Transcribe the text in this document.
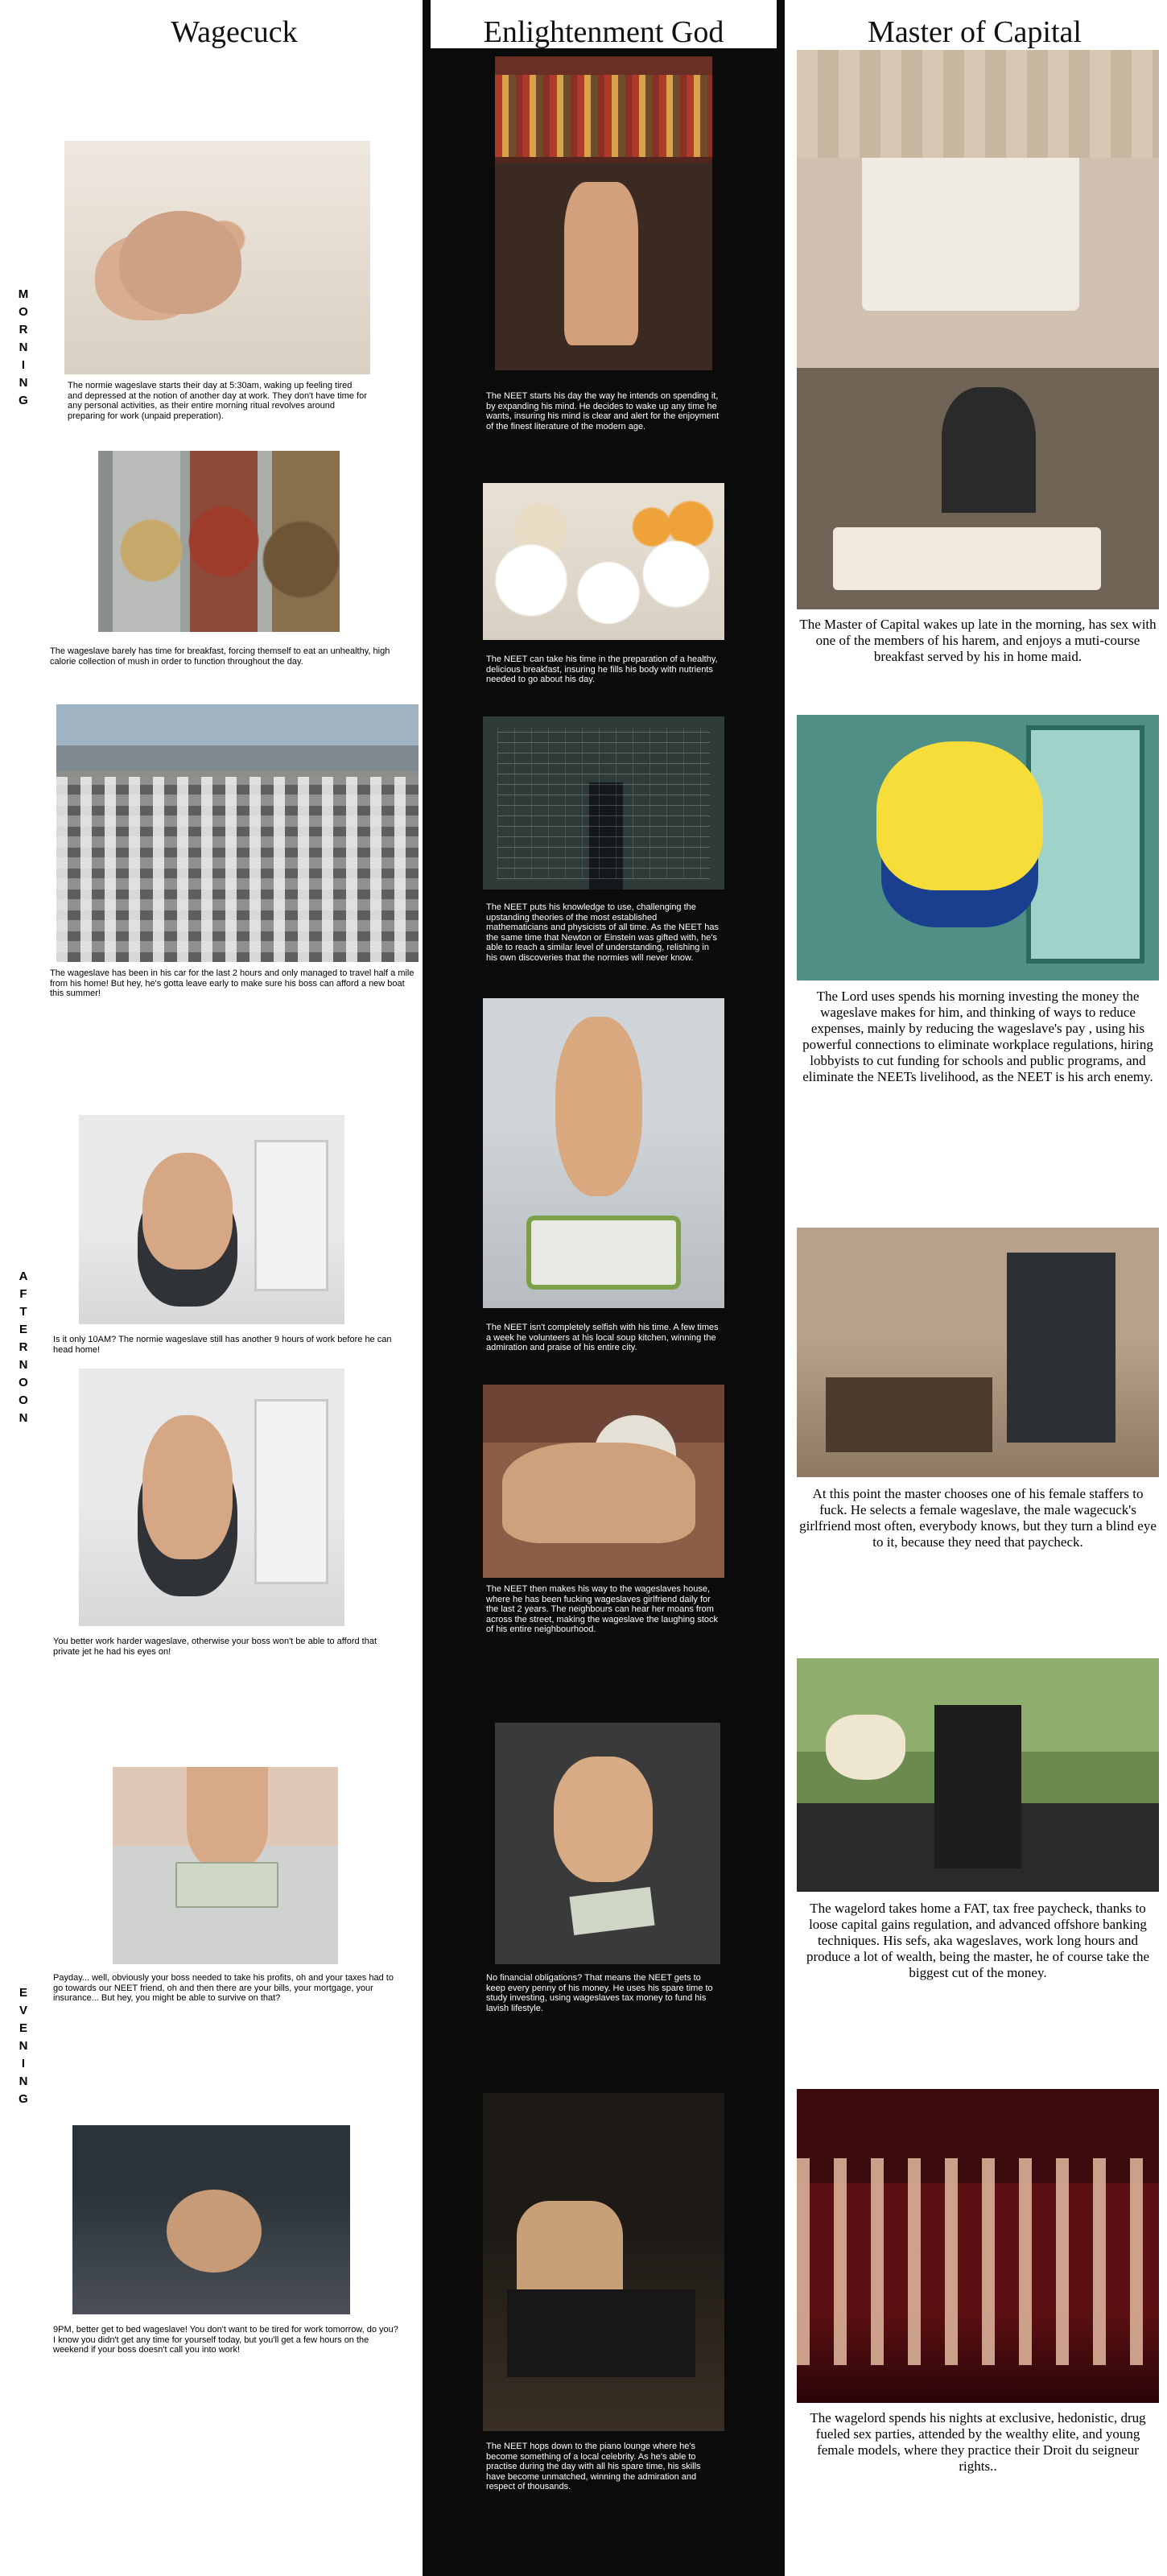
M
O
R
N
I
N
G
A
F
T
E
R
N
O
O
N
E
V
E
N
I
N
G
Wagecuck	Enlightenment God	Master of Capital
The normie wageslave starts their day at 5:30am, waking up feeling tired and depressed at the notion of another day at work. They don't have time for any personal activities, as their entire morning ritual revolves around preparing for work (unpaid preperation).
The wageslave barely has time for breakfast, forcing themself to eat an unhealthy, high calorie collection of mush in order to function throughout the day.
The wageslave has been in his car for the last 2 hours and only managed to travel half a mile from his home! But hey, he's gotta leave early to make sure his boss can afford a new boat this summer!
Is it only 10AM? The normie wageslave still has another 9 hours of work before he can head home!
You better work harder wageslave, otherwise your boss won't be able to afford that private jet he had his eyes on!
Payday... well, obviously your boss needed to take his profits, oh and your taxes had to go towards our NEET friend, oh and then there are your bills, your mortgage, your insurance... But hey, you might be able to survive on that?
9PM, better get to bed wageslave! You don't want to be tired for work tomorrow, do you? I know you didn't get any time for yourself today, but you'll get a few hours on the weekend if your boss doesn't call you into work!
The NEET starts his day the way he intends on spending it, by expanding his mind. He decides to wake up any time he wants, insuring his mind is clear and alert for the enjoyment of the finest literature of the modern age.
The NEET can take his time in the preparation of a healthy, delicious breakfast, insuring he fills his body with nutrients needed to go about his day.
The NEET puts his knowledge to use, challenging the upstanding theories of the most established mathematicians and physicists of all time. As the NEET has the same time that Newton or Einstein was gifted with, he's able to reach a similar level of understanding, relishing in his own discoveries that the normies will never know.
The NEET isn't completely selfish with his time. A few times a week he volunteers at his local soup kitchen, winning the admiration and praise of his entire city.
The NEET then makes his way to the wageslaves house, where he has been fucking wageslaves girlfriend daily for the last 2 years. The neighbours can hear her moans from across the street, making the wageslave the laughing stock of his entire neighbourhood.
No financial obligations? That means the NEET gets to keep every penny of his money. He uses his spare time to study investing, using wageslaves tax money to fund his lavish lifestyle.
The NEET hops down to the piano lounge where he's become something of a local celebrity. As he's able to practise during the day with all his spare time, his skills have become unmatched, winning the admiration and respect of thousands.
The Master of Capital wakes up late in the morning, has sex with one of the members of his harem, and enjoys a muti-course breakfast served by his in home maid.
The Lord uses spends his morning investing the money the wageslave makes for him, and thinking of ways to reduce expenses, mainly by reducing the wageslave's pay , using his powerful connections to eliminate workplace regulations, hiring lobbyists to cut funding for schools and public programs, and eliminate the NEETs livelihood, as the NEET is his arch enemy.
At this point the master chooses one of his female staffers to fuck. He selects a female wageslave, the male wagecuck's girlfriend most often, everybody knows, but they turn a blind eye to it, because they need that paycheck.
The wagelord takes home a FAT, tax free paycheck, thanks to loose capital gains regulation, and advanced offshore banking techniques. His sefs, aka wageslaves, work long hours and produce a lot of wealth, being the master, he of course take the biggest cut of the money.
The wagelord spends his nights at exclusive, hedonistic, drug fueled sex parties, attended by the wealthy elite, and young female models, where they practice their Droit du seigneur rights..
